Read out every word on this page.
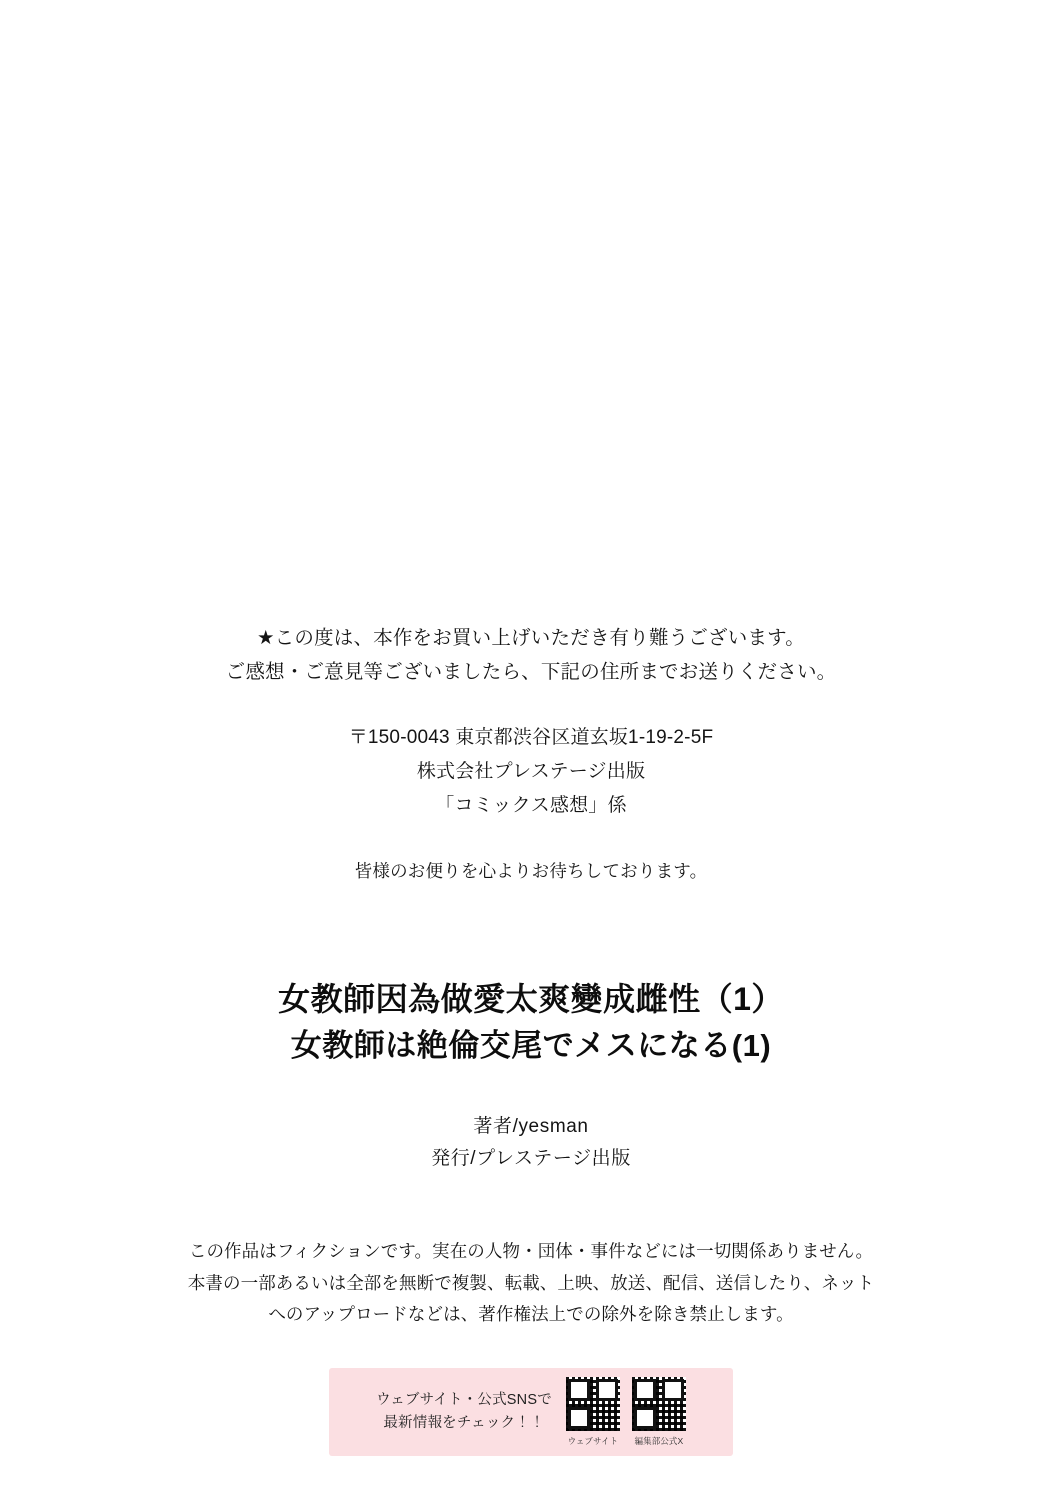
★この度は、本作をお買い上げいただき有り難うございます。
ご感想・ご意見等ございましたら、下記の住所までお送りください。
〒150-0043 東京都渋谷区道玄坂1-19-2-5F
株式会社プレステージ出版
「コミックス感想」係
皆様のお便りを心よりお待ちしております。
女教師因為做愛太爽變成雌性（1）
女教師は絶倫交尾でメスになる(1)
著者/yesman
発行/プレステージ出版
この作品はフィクションです。実在の人物・団体・事件などには一切関係ありません。
本書の一部あるいは全部を無断で複製、転載、上映、放送、配信、送信したり、ネット
へのアップロードなどは、著作権法上での除外を除き禁止します。
ウェブサイト・公式SNSで
最新情報をチェック！！
ウェブサイト 編集部公式X
